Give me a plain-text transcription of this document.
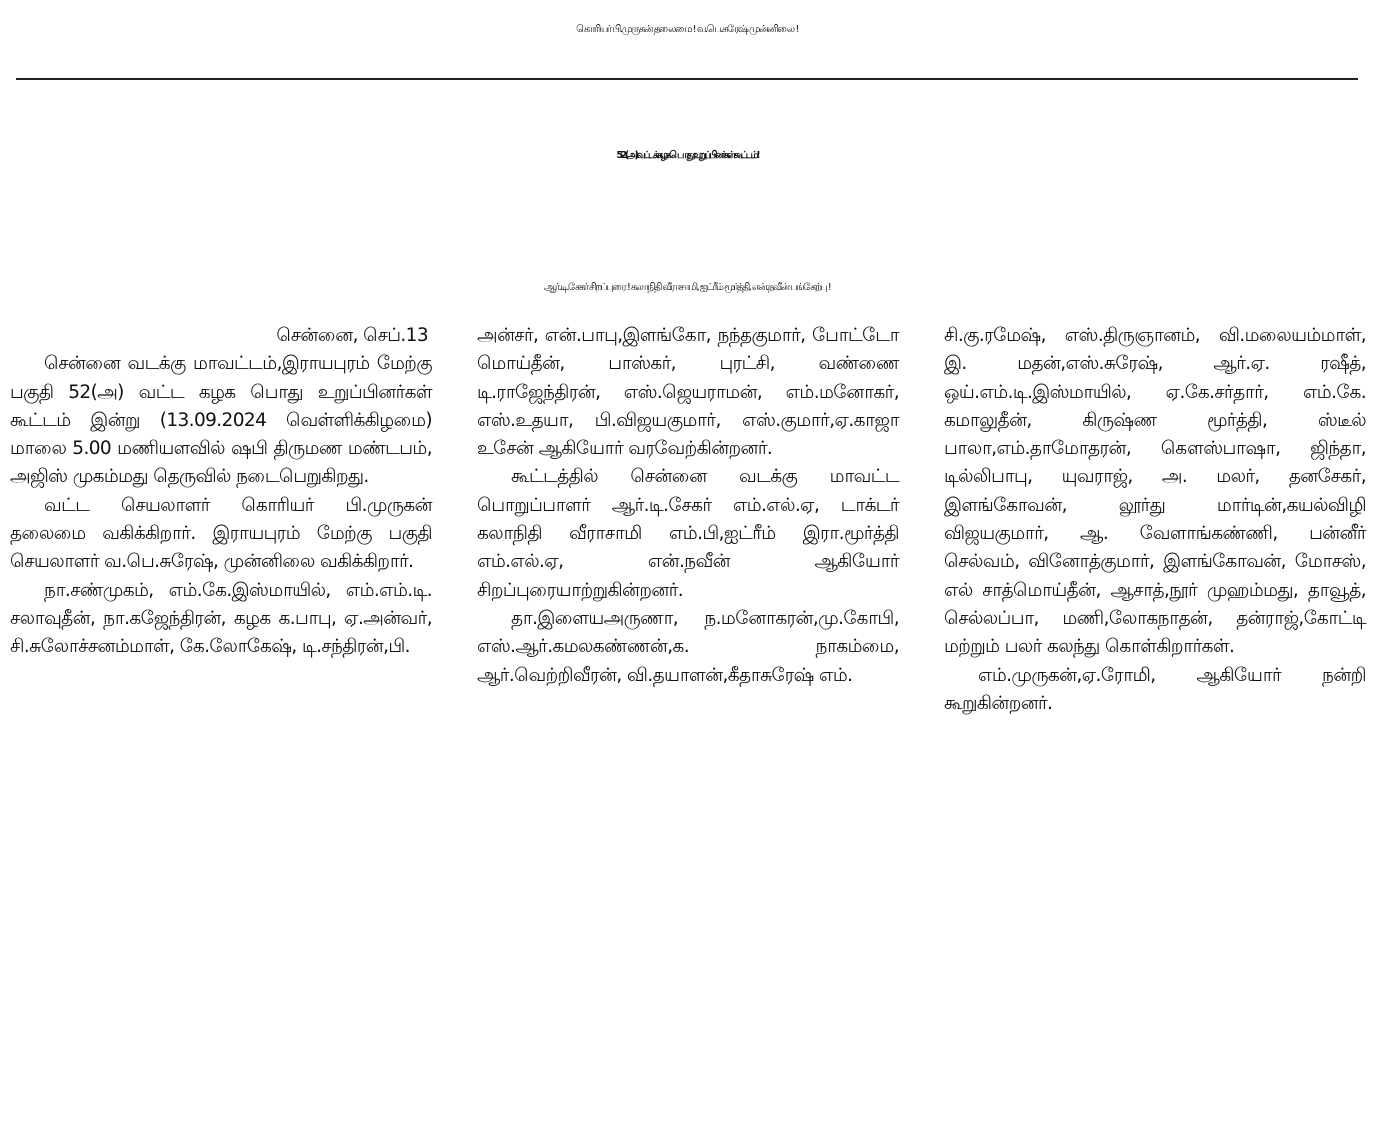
கொரியர் பி.முருகன் தலைமை ! வ.பெ.சுரேஷ் முன்னிலை !
52 (அ) வட்டக் கழக பொது உறுப்பினர்கள் கூட்டம் !
ஆர்.டி.சேகர் சிறப்புரை ! கலாநிதி வீராசாமி, ஐட்ரீம் மூர்த்தி, என்.நவீன் பங்கேற்பு !

சென்னை, செப்.13

சென்னை வடக்கு மாவட்டம்,இராயபுரம் மேற்கு பகுதி 52(அ) வட்ட கழக பொது உறுப்பினர்கள் கூட்டம் இன்று (13.09.2024 வெள்ளிக்கிழமை) மாலை 5.00 மணியளவில் ஷபி திருமண மண்டபம், அஜிஸ் முகம்மது தெருவில் நடைபெறுகிறது.

வட்ட செயலாளர் கொரியர் பி.முருகன் தலைமை வகிக்கிறார். இராயபுரம் மேற்கு பகுதி செயலாளர் வ.பெ.சுரேஷ், முன்னிலை வகிக்கிறார்.

நா.சண்முகம், எம்.கே.இஸ்மாயில், எம்.எம்.டி. சலாவுதீன், நா.கஜேந்திரன், கழக க.பாபு, ஏ.அன்வர், சி.சுலோச்சனம்மாள், கே.லோகேஷ், டி.சந்திரன்,பி.

அன்சர், என்.பாபு,இளங்கோ, நந்தகுமார், போட்டோ மொய்தீன், பாஸ்கர், புரட்சி, வண்ணை டி.ராஜேந்திரன், எஸ்.ஜெயராமன், எம்.மனோகர், எஸ்.உதயா, பி.விஜயகுமார், எஸ்.குமார்,ஏ.காஜா உசேன் ஆகியோர் வரவேற்கின்றனர்.

கூட்டத்தில் சென்னை வடக்கு மாவட்ட பொறுப்பாளர் ஆர்.டி.சேகர் எம்.எல்.ஏ, டாக்டர் கலாநிதி வீராசாமி எம்.பி,ஐட்ரீம் இரா.மூர்த்தி எம்.எல்.ஏ, என்.நவீன் ஆகியோர் சிறப்புரையாற்றுகின்றனர்.

தா.இளையஅருணா, ந.மனோகரன்,மு.கோபி, எஸ்.ஆர்.கமலகண்ணன்,க. நாகம்மை, ஆர்.வெற்றிவீரன், வி.தயாளன்,கீதாசுரேஷ் எம்.

சி.கு.ரமேஷ், எஸ்.திருஞானம், வி.மலையம்மாள், இ. மதன்,எஸ்.சுரேஷ், ஆர்.ஏ. ரஷீத், ஒய்.எம்.டி.இஸ்மாயில், ஏ.கே.சர்தார், எம்.கே. கமாலுதீன், கிருஷ்ண மூர்த்தி, ஸ்டீல் பாலா,எம்.தாமோதரன், கௌஸ்பாஷா, ஜிந்தா, டில்லிபாபு, யுவராஜ், அ. மலர், தனசேகர், இளங்கோவன், லூர்து மார்டின்,கயல்விழி விஜயகுமார், ஆ. வேளாங்கண்ணி, பன்னீர் செல்வம், வினோத்குமார், இளங்கோவன், மோசஸ், எல் சாத்மொய்தீன், ஆசாத்,நூர் முஹம்மது, தாவூத், செல்லப்பா, மணி,லோகநாதன், தன்ராஜ்,கோட்டி மற்றும் பலர் கலந்து கொள்கிறார்கள்.

எம்.முருகன்,ஏ.ரோமி, ஆகியோர் நன்றி கூறுகின்றனர்.
